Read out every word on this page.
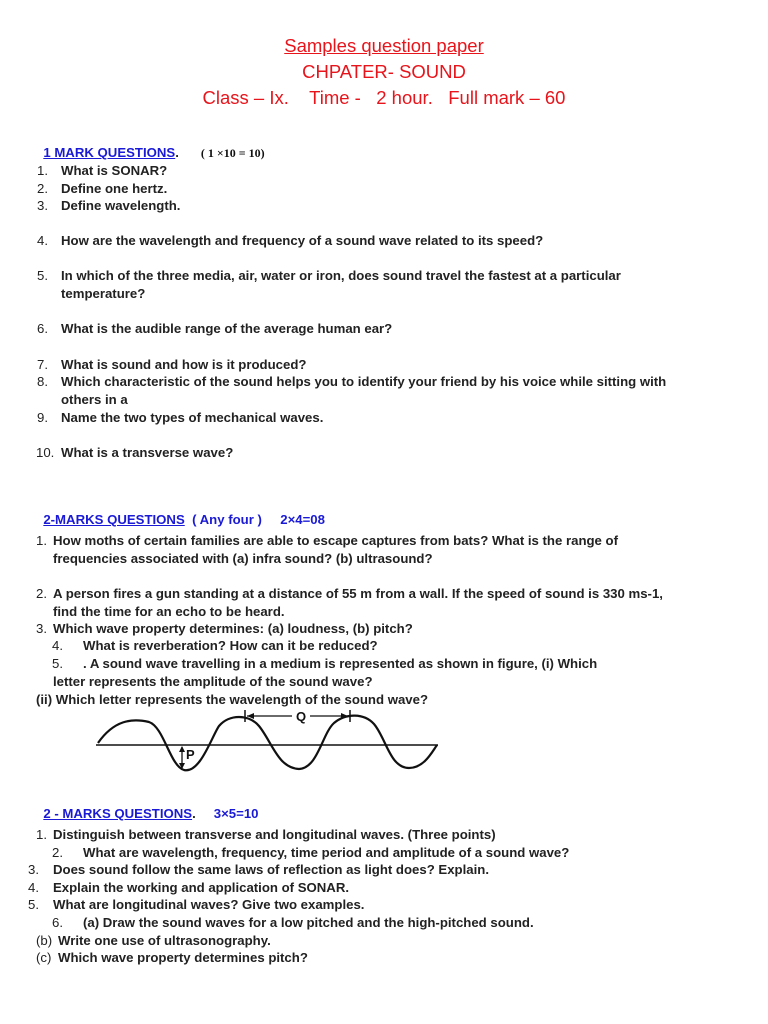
Samples question paper
CHPATER- SOUND
Class – Ix.    Time -   2 hour.   Full mark – 60

1 MARK QUESTIONS. ( 1 ×10 = 10)

1. What is SONAR?
2. Define one hertz.
3. Define wavelength.
4. How are the wavelength and frequency of a sound wave related to its speed?
5. In which of the three media, air, water or iron, does sound travel the fastest at a particular
temperature?
6. What is the audible range of the average human ear?
7. What is sound and how is it produced?
8. Which characteristic of the sound helps you to identify your friend by his voice while sitting with
others in a
9. Name the two types of mechanical waves.
10. What is a transverse wave?

2-MARKS QUESTIONS  ( Any four )     2×4=08

1. How moths of certain families are able to escape captures from bats? What is the range of
frequencies associated with (a) infra sound? (b) ultrasound?
2. A person fires a gun standing at a distance of 55 m from a wall. If the speed of sound is 330 ms-1,
find the time for an echo to be heard.
3. Which wave property determines: (a) loudness, (b) pitch?
4. What is reverberation? How can it be reduced?
5. . A sound wave travelling in a medium is represented as shown in figure, (i) Which
letter represents the amplitude of the sound wave?
(ii) Which letter represents the wavelength of the sound wave?
Q
P

2 - MARKS QUESTIONS. 3×5=10

1. Distinguish between transverse and longitudinal waves. (Three points)
2. What are wavelength, frequency, time period and amplitude of a sound wave?
3. Does sound follow the same laws of reflection as light does? Explain.
4. Explain the working and application of SONAR.
5. What are longitudinal waves? Give two examples.
6. (a) Draw the sound waves for a low pitched and the high-pitched sound.
(b) Write one use of ultrasonography.
(c) Which wave property determines pitch?
